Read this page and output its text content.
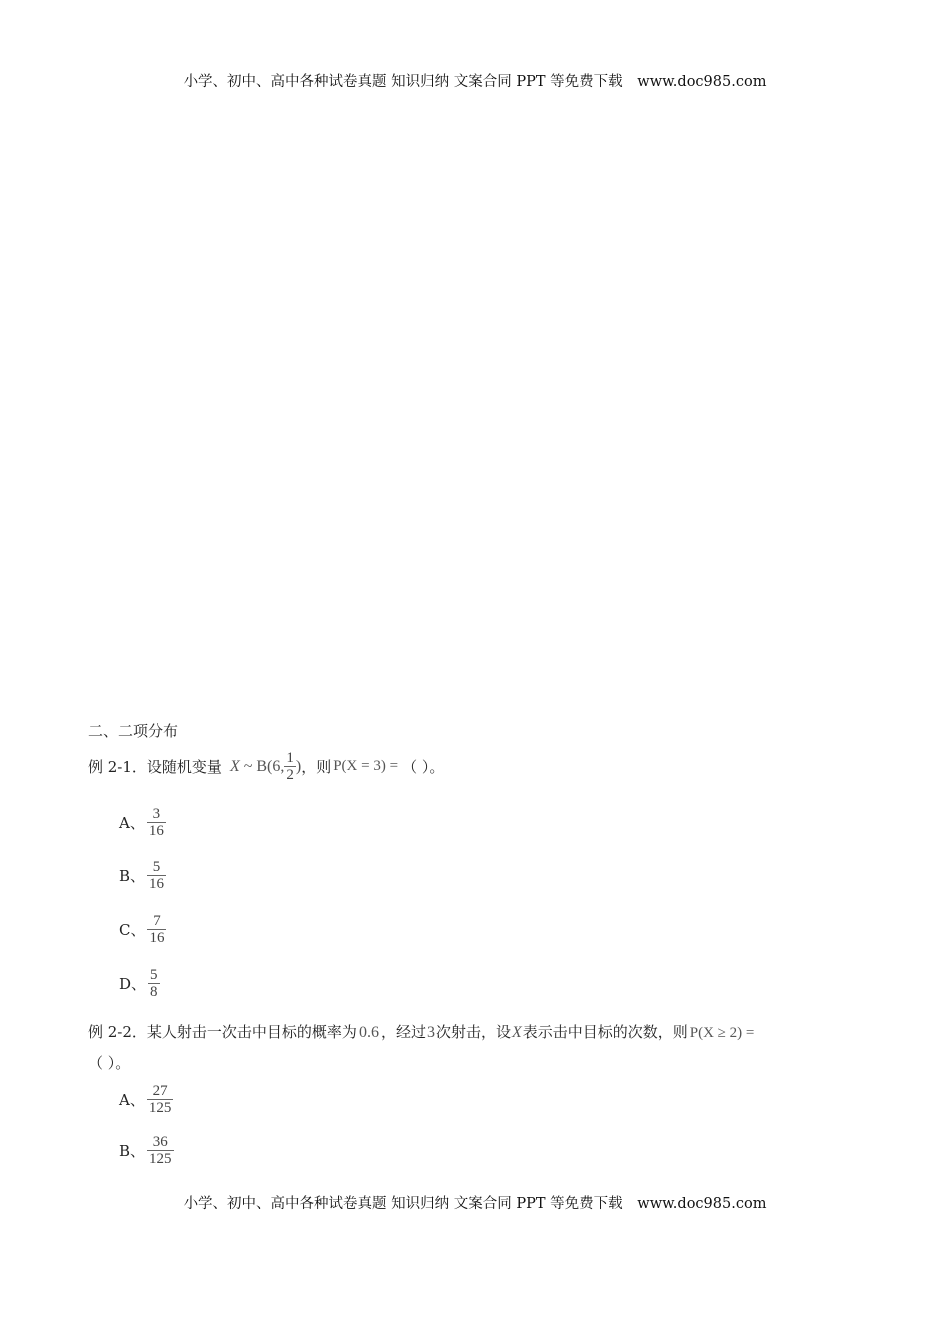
小学、初中、高中各种试卷真题 知识归纳 文案合同 PPT 等免费下载 www.doc985.com
二、二项分布
例 2-1．设随机变量 X ~ B(6, $\frac{1}{2}$ ) ，则 P(X = 3) = （ ）。
A、 $\frac{3}{16}$
B、 $\frac{5}{16}$
C、 $\frac{7}{16}$
D、 $\frac{5}{8}$
例 2-2．某人射击一次击中目标的概率为 0.6 ，经过3次射击，设X表示击中目标的次数，则 P(X ≥ 2) =
（ ）。
A、 $\frac{27}{125}$
B、 $\frac{36}{125}$
小学、初中、高中各种试卷真题 知识归纳 文案合同 PPT 等免费下载 www.doc985.com
